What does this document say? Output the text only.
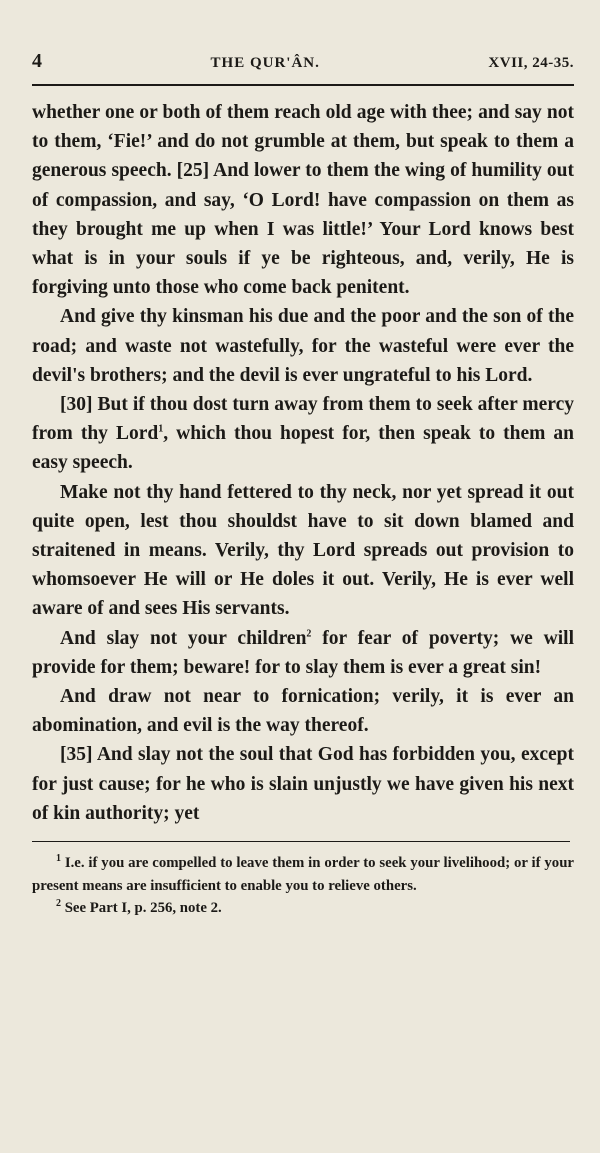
4	THE QUR'ÂN.	XVII, 24-35.

whether one or both of them reach old age with thee; and say not to them, ‘Fie!’ and do not grumble at them, but speak to them a generous speech. [25] And lower to them the wing of humility out of compassion, and say, ‘O Lord! have compassion on them as they brought me up when I was little!’ Your Lord knows best what is in your souls if ye be righteous, and, verily, He is forgiving unto those who come back penitent.

And give thy kinsman his due and the poor and the son of the road; and waste not wastefully, for the wasteful were ever the devil's brothers; and the devil is ever ungrateful to his Lord.

[30] But if thou dost turn away from them to seek after mercy from thy Lord$^1$, which thou hopest for, then speak to them an easy speech.

Make not thy hand fettered to thy neck, nor yet spread it out quite open, lest thou shouldst have to sit down blamed and straitened in means. Verily, thy Lord spreads out provision to whomsoever He will or He doles it out. Verily, He is ever well aware of and sees His servants.

And slay not your children$^2$ for fear of poverty; we will provide for them; beware! for to slay them is ever a great sin!

And draw not near to fornication; verily, it is ever an abomination, and evil is the way thereof.

[35] And slay not the soul that God has forbidden you, except for just cause; for he who is slain unjustly we have given his next of kin authority; yet

$^1$ I.e. if you are compelled to leave them in order to seek your livelihood; or if your present means are insufficient to enable you to relieve others.

$^2$ See Part I, p. 256, note 2.
